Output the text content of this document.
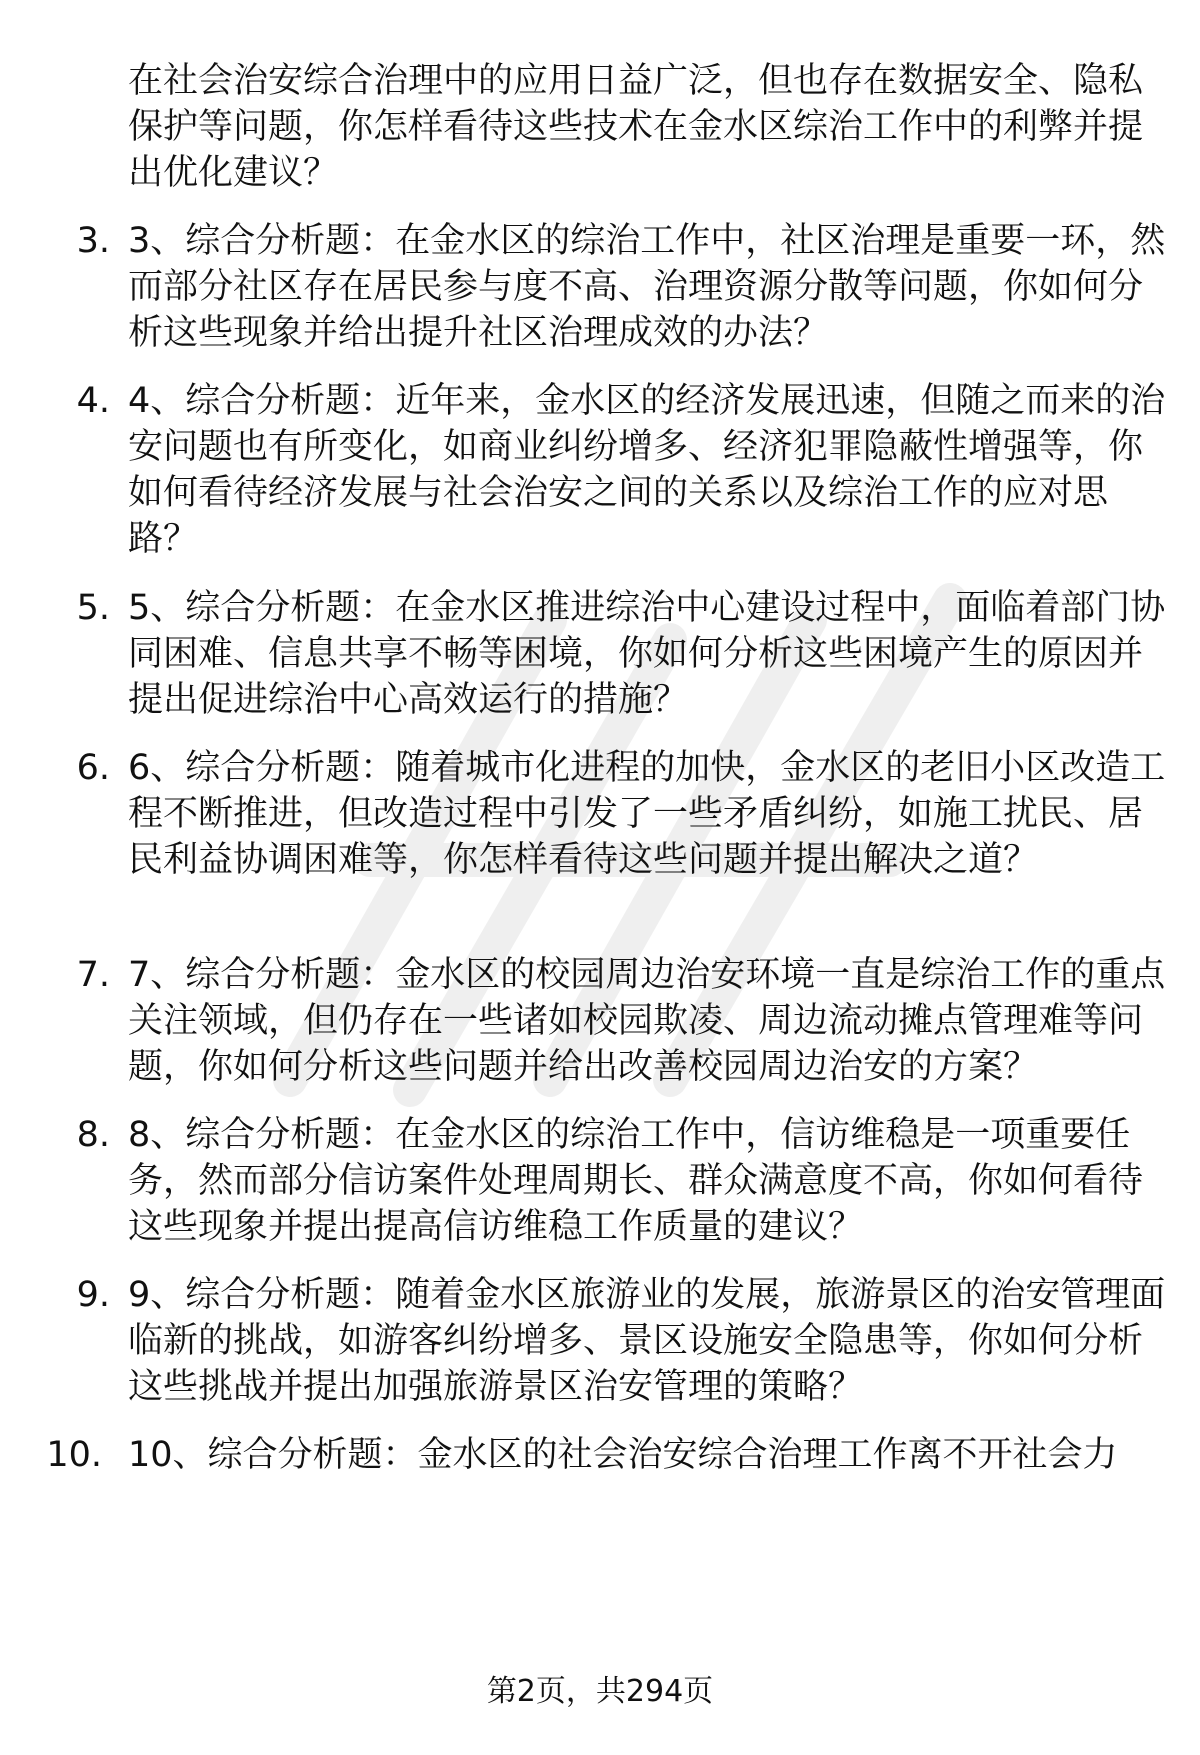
在社会治安综合治理中的应用日益广泛，但也存在数据安全、隐私保护等问题，你怎样看待这些技术在金水区综治工作中的利弊并提出优化建议？

3. 3、综合分析题：在金水区的综治工作中，社区治理是重要一环，然而部分社区存在居民参与度不高、治理资源分散等问题，你如何分析这些现象并给出提升社区治理成效的办法？

4. 4、综合分析题：近年来，金水区的经济发展迅速，但随之而来的治安问题也有所变化，如商业纠纷增多、经济犯罪隐蔽性增强等，你如何看待经济发展与社会治安之间的关系以及综治工作的应对思路？

5. 5、综合分析题：在金水区推进综治中心建设过程中，面临着部门协同困难、信息共享不畅等困境，你如何分析这些困境产生的原因并提出促进综治中心高效运行的措施？

6. 6、综合分析题：随着城市化进程的加快，金水区的老旧小区改造工程不断推进，但改造过程中引发了一些矛盾纠纷，如施工扰民、居民利益协调困难等，你怎样看待这些问题并提出解决之道？

7. 7、综合分析题：金水区的校园周边治安环境一直是综治工作的重点关注领域，但仍存在一些诸如校园欺凌、周边流动摊点管理难等问题，你如何分析这些问题并给出改善校园周边治安的方案？

8. 8、综合分析题：在金水区的综治工作中，信访维稳是一项重要任务，然而部分信访案件处理周期长、群众满意度不高，你如何看待这些现象并提出提高信访维稳工作质量的建议？

9. 9、综合分析题：随着金水区旅游业的发展，旅游景区的治安管理面临新的挑战，如游客纠纷增多、景区设施安全隐患等，你如何分析这些挑战并提出加强旅游景区治安管理的策略？

10. 10、综合分析题：金水区的社会治安综合治理工作离不开社会力

第2页，共294页
